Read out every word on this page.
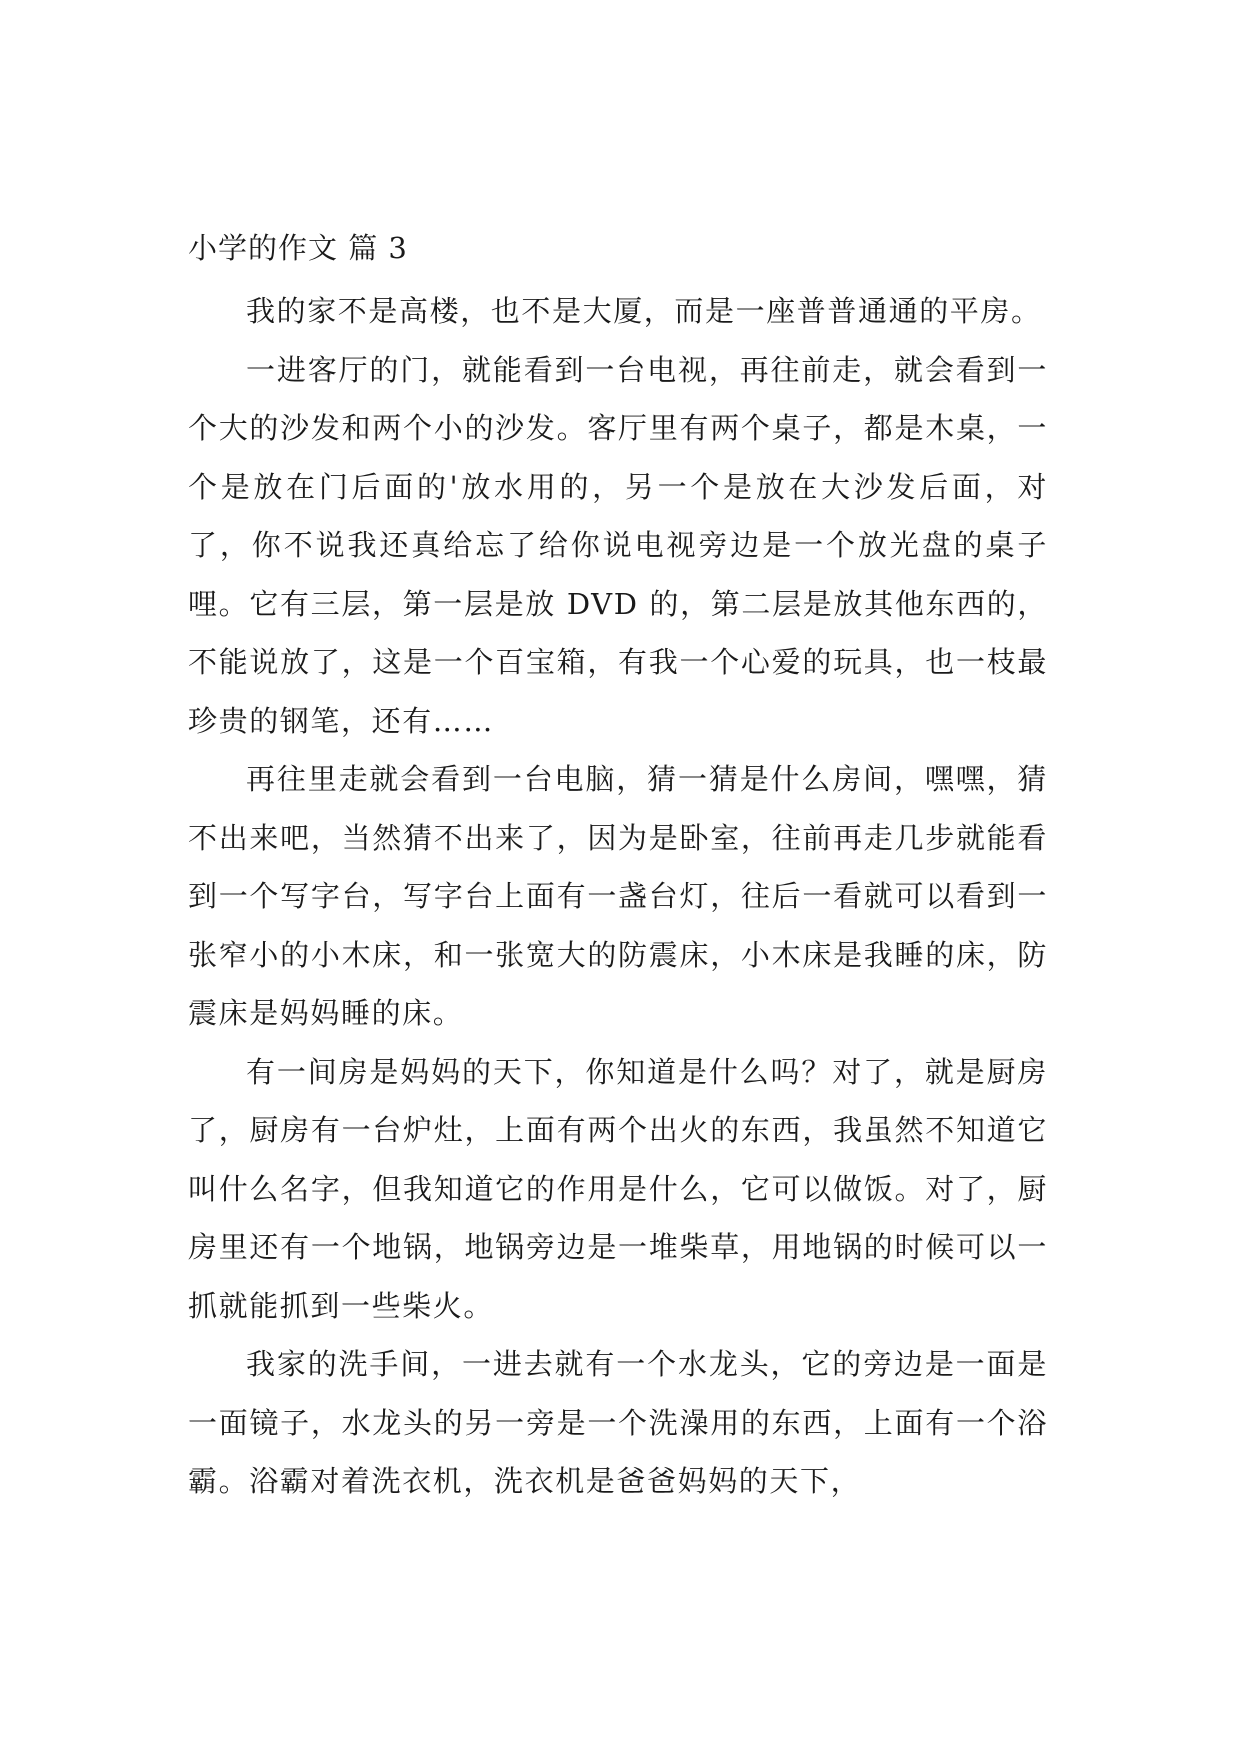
小学的作文 篇 3

我的家不是高楼，也不是大厦，而是一座普普通通的平房。

一进客厅的门，就能看到一台电视，再往前走，就会看到一个大的沙发和两个小的沙发。客厅里有两个桌子，都是木桌，一个是放在门后面的'放水用的，另一个是放在大沙发后面，对了，你不说我还真给忘了给你说电视旁边是一个放光盘的桌子哩。它有三层，第一层是放 DVD 的，第二层是放其他东西的，不能说放了，这是一个百宝箱，有我一个心爱的玩具，也一枝最珍贵的钢笔，还有……

再往里走就会看到一台电脑，猜一猜是什么房间，嘿嘿，猜不出来吧，当然猜不出来了，因为是卧室，往前再走几步就能看到一个写字台，写字台上面有一盏台灯，往后一看就可以看到一张窄小的小木床，和一张宽大的防震床，小木床是我睡的床，防震床是妈妈睡的床。

有一间房是妈妈的天下，你知道是什么吗？对了，就是厨房了，厨房有一台炉灶，上面有两个出火的东西，我虽然不知道它叫什么名字，但我知道它的作用是什么，它可以做饭。对了，厨房里还有一个地锅，地锅旁边是一堆柴草，用地锅的时候可以一抓就能抓到一些柴火。

我家的洗手间，一进去就有一个水龙头，它的旁边是一面是一面镜子，水龙头的另一旁是一个洗澡用的东西，上面有一个浴霸。浴霸对着洗衣机，洗衣机是爸爸妈妈的天下，
